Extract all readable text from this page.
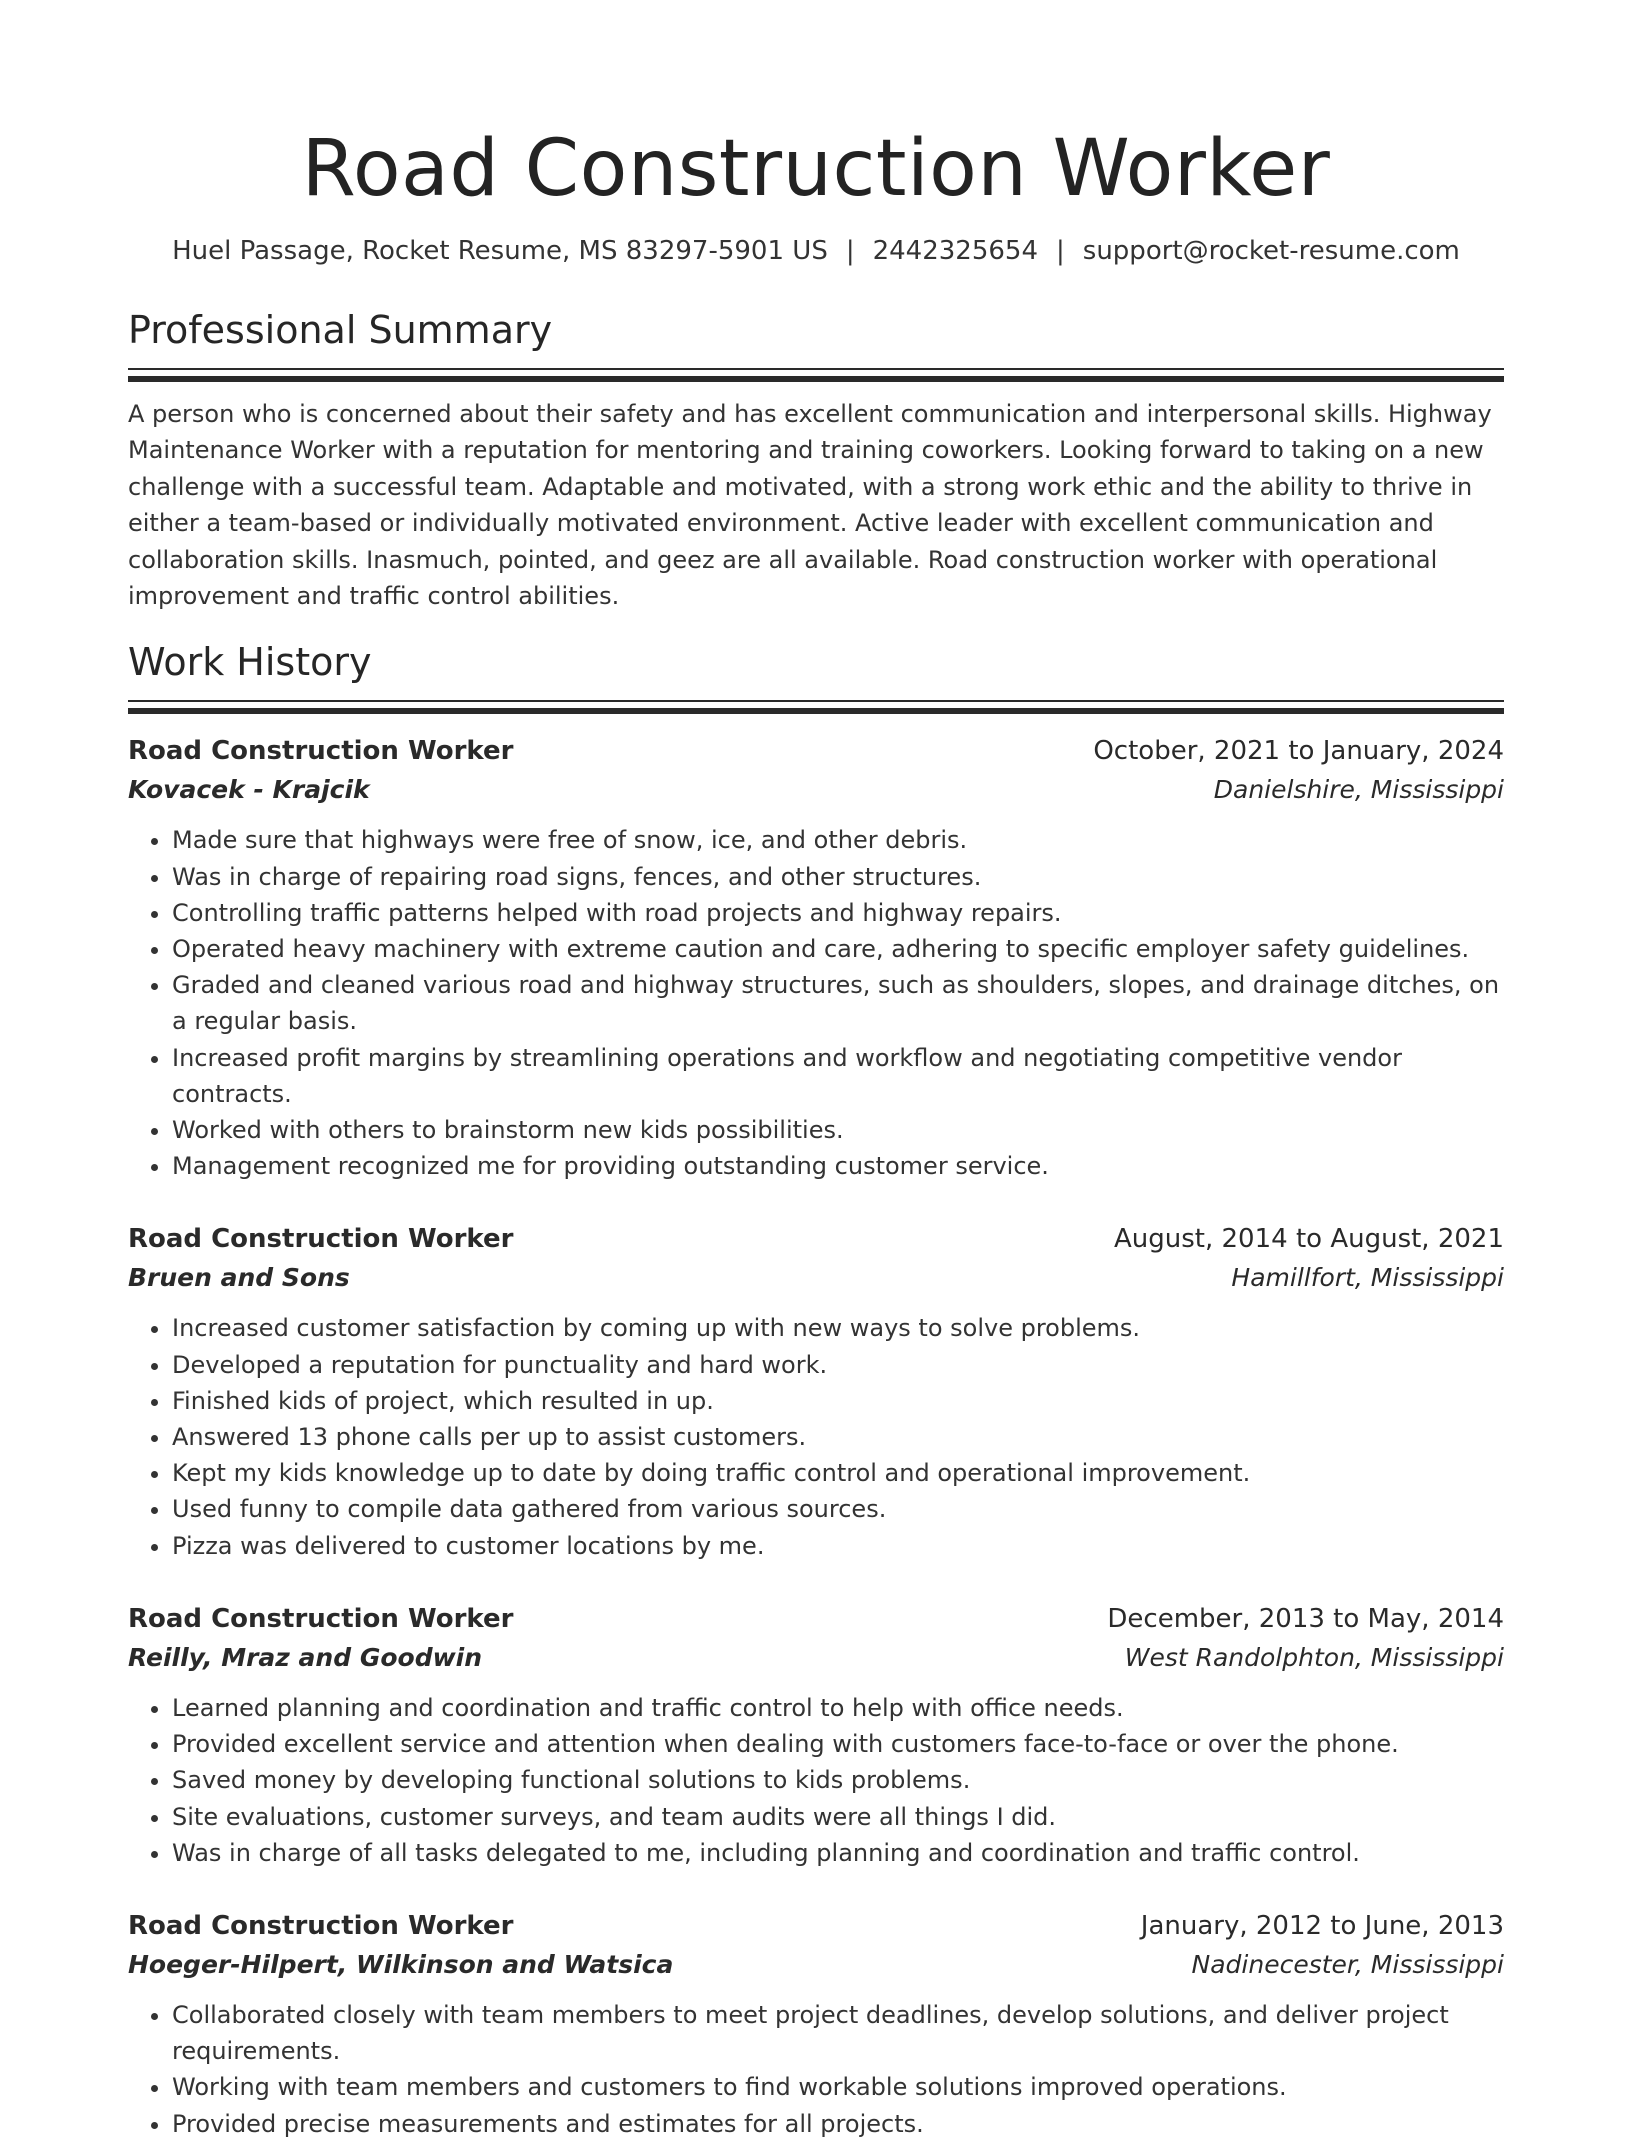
Road Construction Worker
Huel Passage, Rocket Resume, MS 83297-5901 US | 2442325654 | support@rocket-resume.com
Professional Summary

A person who is concerned about their safety and has excellent communication and interpersonal skills. Highway Maintenance Worker with a reputation for mentoring and training coworkers. Looking forward to taking on a new challenge with a successful team. Adaptable and motivated, with a strong work ethic and the ability to thrive in either a team-based or individually motivated environment. Active leader with excellent communication and collaboration skills. Inasmuch, pointed, and geez are all available. Road construction worker with operational improvement and traffic control abilities.

Work History
Road Construction Worker	October, 2021 to January, 2024
Kovacek - Krajcik	Danielshire, Mississippi
• Made sure that highways were free of snow, ice, and other debris.
• Was in charge of repairing road signs, fences, and other structures.
• Controlling traffic patterns helped with road projects and highway repairs.
• Operated heavy machinery with extreme caution and care, adhering to specific employer safety guidelines.
• Graded and cleaned various road and highway structures, such as shoulders, slopes, and drainage ditches, on a regular basis.
• Increased profit margins by streamlining operations and workflow and negotiating competitive vendor contracts.
• Worked with others to brainstorm new kids possibilities.
• Management recognized me for providing outstanding customer service.
Road Construction Worker	August, 2014 to August, 2021
Bruen and Sons	Hamillfort, Mississippi
• Increased customer satisfaction by coming up with new ways to solve problems.
• Developed a reputation for punctuality and hard work.
• Finished kids of project, which resulted in up.
• Answered 13 phone calls per up to assist customers.
• Kept my kids knowledge up to date by doing traffic control and operational improvement.
• Used funny to compile data gathered from various sources.
• Pizza was delivered to customer locations by me.
Road Construction Worker	December, 2013 to May, 2014
Reilly, Mraz and Goodwin	West Randolphton, Mississippi
• Learned planning and coordination and traffic control to help with office needs.
• Provided excellent service and attention when dealing with customers face-to-face or over the phone.
• Saved money by developing functional solutions to kids problems.
• Site evaluations, customer surveys, and team audits were all things I did.
• Was in charge of all tasks delegated to me, including planning and coordination and traffic control.
Road Construction Worker	January, 2012 to June, 2013
Hoeger-Hilpert, Wilkinson and Watsica	Nadinecester, Mississippi
• Collaborated closely with team members to meet project deadlines, develop solutions, and deliver project requirements.
• Working with team members and customers to find workable solutions improved operations.
• Provided precise measurements and estimates for all projects.
